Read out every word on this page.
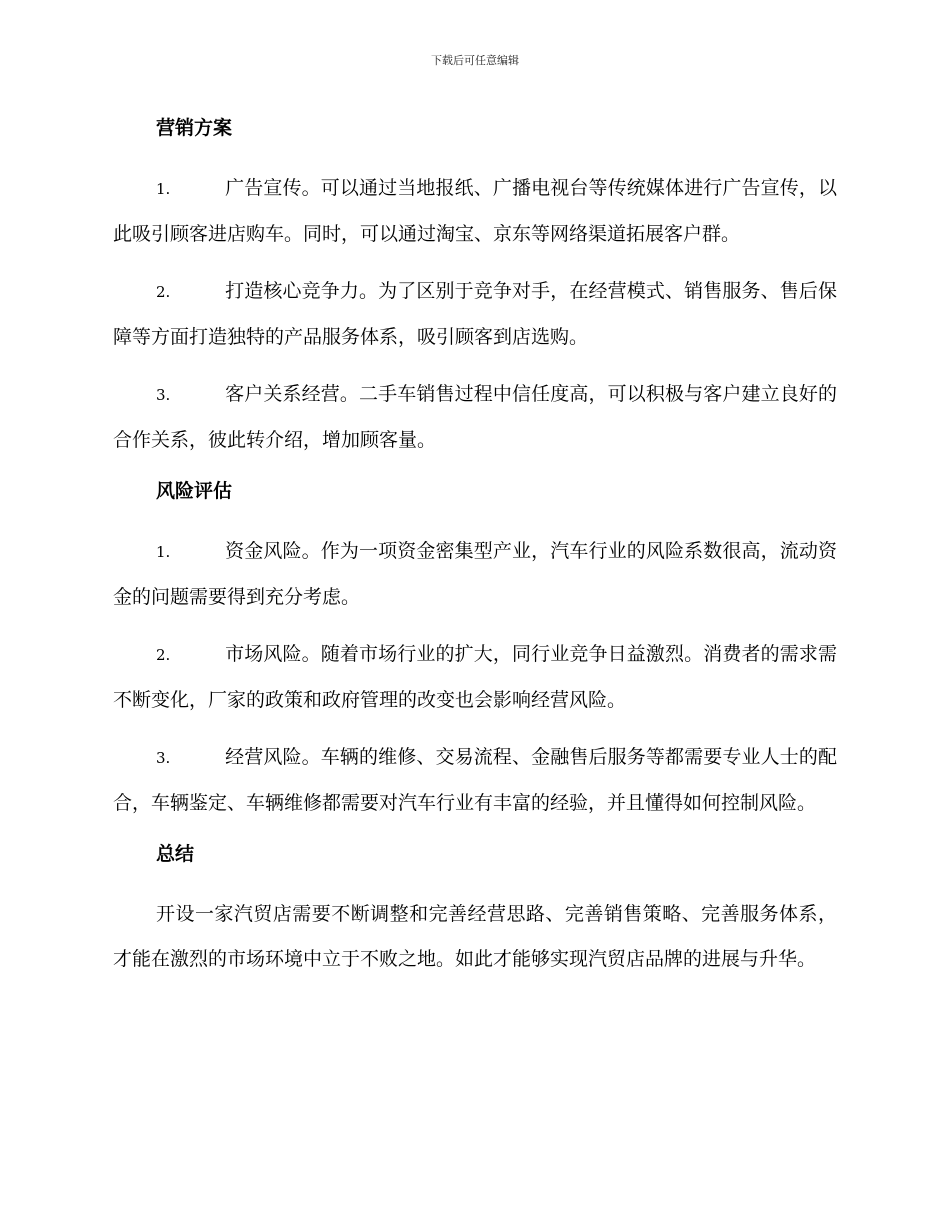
下载后可任意编辑
营销方案

1.	广告宣传。可以通过当地报纸、广播电视台等传统媒体进行广告宣传，以此吸引顾客进店购车。同时，可以通过淘宝、京东等网络渠道拓展客户群。

2.	打造核心竞争力。为了区别于竞争对手，在经营模式、销售服务、售后保障等方面打造独特的产品服务体系，吸引顾客到店选购。

3.	客户关系经营。二手车销售过程中信任度高，可以积极与客户建立良好的合作关系，彼此转介绍，增加顾客量。

风险评估

1.	资金风险。作为一项资金密集型产业，汽车行业的风险系数很高，流动资金的问题需要得到充分考虑。

2.	市场风险。随着市场行业的扩大，同行业竞争日益激烈。消费者的需求需不断变化，厂家的政策和政府管理的改变也会影响经营风险。

3.	经营风险。车辆的维修、交易流程、金融售后服务等都需要专业人士的配合，车辆鉴定、车辆维修都需要对汽车行业有丰富的经验，并且懂得如何控制风险。

总结

开设一家汽贸店需要不断调整和完善经营思路、完善销售策略、完善服务体系，才能在激烈的市场环境中立于不败之地。如此才能够实现汽贸店品牌的进展与升华。
